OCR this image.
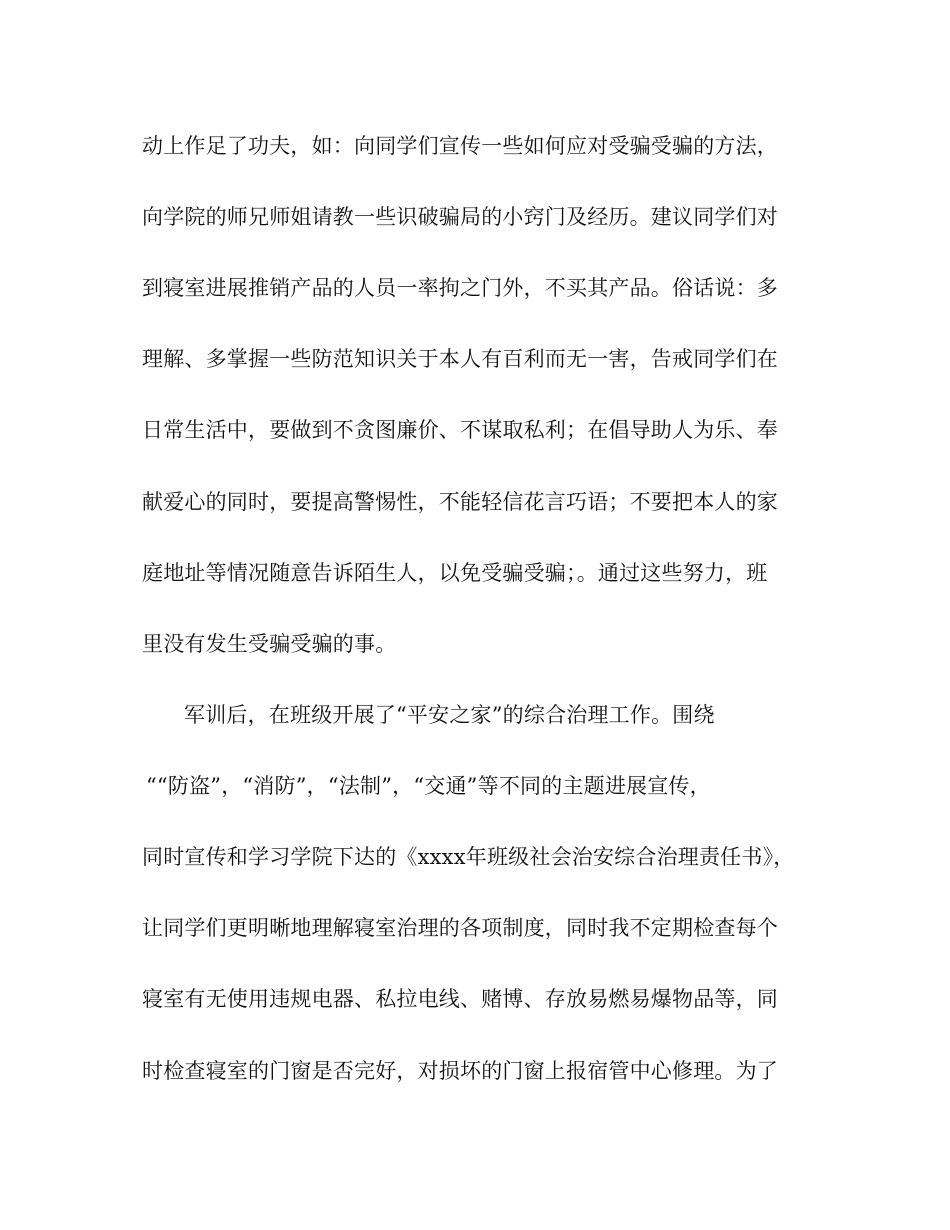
动上作足了功夫，如：向同学们宣传一些如何应对受骗受骗的方法，
向学院的师兄师姐请教一些识破骗局的小窍门及经历。建议同学们对
到寝室进展推销产品的人员一率拘之门外，不买其产品。俗话说：多
理解、多掌握一些防范知识关于本人有百利而无一害，告戒同学们在
日常生活中，要做到不贪图廉价、不谋取私利；在倡导助人为乐、奉
献爱心的同时，要提高警惕性，不能轻信花言巧语；不要把本人的家
庭地址等情况随意告诉陌生人，以免受骗受骗；。通过这些努力，班
里没有发生受骗受骗的事。
军训后，在班级开展了“平安之家”的综合治理工作。围绕
““防盗”，“消防”，“法制”，“交通”等不同的主题进展宣传，
同时宣传和学习学院下达的《xxxx年班级社会治安综合治理责任书》，
让同学们更明晰地理解寝室治理的各项制度，同时我不定期检查每个
寝室有无使用违规电器、私拉电线、赌博、存放易燃易爆物品等，同
时检查寝室的门窗是否完好，对损坏的门窗上报宿管中心修理。为了
